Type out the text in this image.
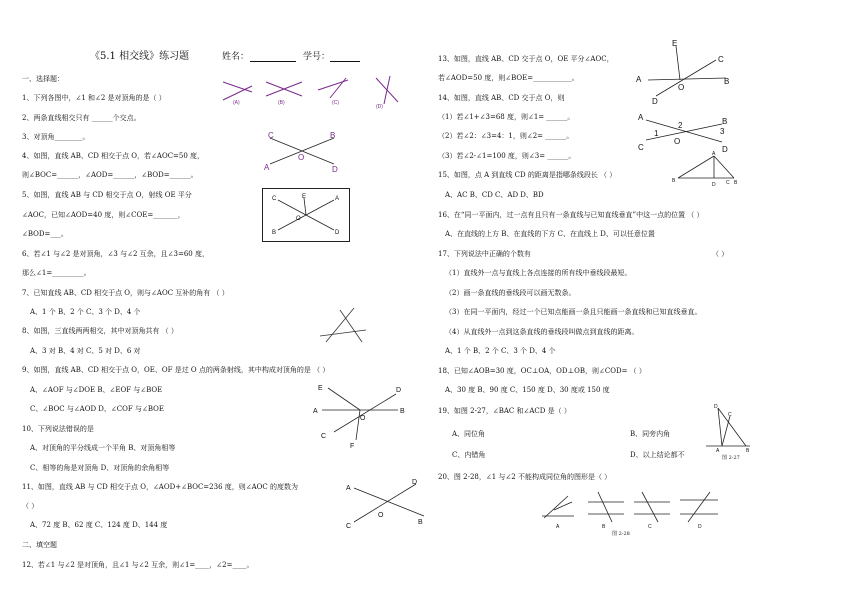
《5.1 相交线》练习题	姓名：	学号：
一、选择题：
1、下列各图中，∠1 和∠2 是对顶角的是（ ）
2、两条直线相交只有 ______个交点。
3、对顶角________。
4、如图，直线 AB、CD 相交于点 O，若∠AOC=50 度，
则∠BOC=______，∠AOD=______，∠BOD=______。
5、如图，直线 AB 与 CD 相交于点 O，射线 OE 平分
∠AOC，已知∠AOD=40 度，则∠COE=_______，
∠BOD=___。
6、若∠1 与∠2 是对顶角，∠3 与∠2 互余，且∠3=60 度，
那么∠1=_________。
7、已知直线 AB、CD 相交于点 O，则与∠AOC 互补的角有 （ ）
A、1 个 B、2 个 C、3 个 D、4 个
8、如图，三直线两两相交，其中对顶角共有 （ ）
A、3 对 B、4 对 C、5 对 D、6 对
9、如图，直线 AB、CD 相交于点 O，OE、OF 是过 O 点的两条射线，其中构成对顶角的是 （ ）
A、∠AOF 与∠DOE B、∠EOF 与∠BOE
C、∠BOC 与∠AOD D、∠COF 与∠BOE
10、下列说法错误的是
A、对顶角的平分线成一个平角 B、对顶角相等
C、相等的角是对顶角 D、对顶角的余角相等
11、如图，直线 AB 与 CD 相交于点 O，∠AOD+∠BOC=236 度，则∠AOC 的度数为
（ ）
A、72 度 B、62 度 C、124 度 D、144 度
二、填空题
12、若∠1 与∠2 是对顶角，且∠1 与∠2 互余，则∠1=____，∠2=____。
13、如图，直线 AB、CD 交于点 O，OE 平分∠AOC，
若∠AOD=50 度，则∠BOE=___________。
14、如图，直线 AB、CD 交于点 O，则
（1）若∠1+∠3=68 度，则∠1= ______。
（2）若∠2：∠3=4：1，则∠2= ______。
（3）若∠2-∠1=100 度，则∠3= ______。
15、如图，点 A 到直线 CD 的距离是指哪条线段长 （ ）
A、AC B、CD C、AD D、BD
16、在“同一平面内，过一点有且只有一条直线与已知直线垂直”中这一点的位置 （ ）
A、在直线的上方 B、在直线的下方 C、在直线上 D、可以任意位置
17、下列说法中正确的个数有	（ ）
（1）直线外一点与直线上各点连接的所有线中垂线段最短。
（2）画一条直线的垂线段可以画无数条。
（3）在同一平面内，经过一个已知点能画一条且只能画一条直线和已知直线垂直。
（4）从直线外一点到这条直线的垂线段叫做点到直线的距离。
A、1 个 B、2 个 C、3 个 D、4 个
18、已知∠AOB=30 度，OC⊥OA，OD⊥OB，则∠COD= （ ）
A、30 度 B、90 度 C、150 度 D、30 度或 150 度
19、如图 2-27，∠BAC 和∠ACD 是（ ）
A、同位角	B、同旁内角
C、内错角	D、以上结论都不
20、图 2-28，∠1 与∠2 不能构成同位角的图形是（ ）
(A)	(B)	(C)
(D)
C	B
A
O
D
C	E	A
O
B	D
E	D
A
O
B
C
F
A
D
O
B
C
E
C
A
O
B
D
A
2	B
1	3
C
O
D
B
A
C
D	B
D
C
A	B
图 2-27
A	B	C	D
图 2-28
